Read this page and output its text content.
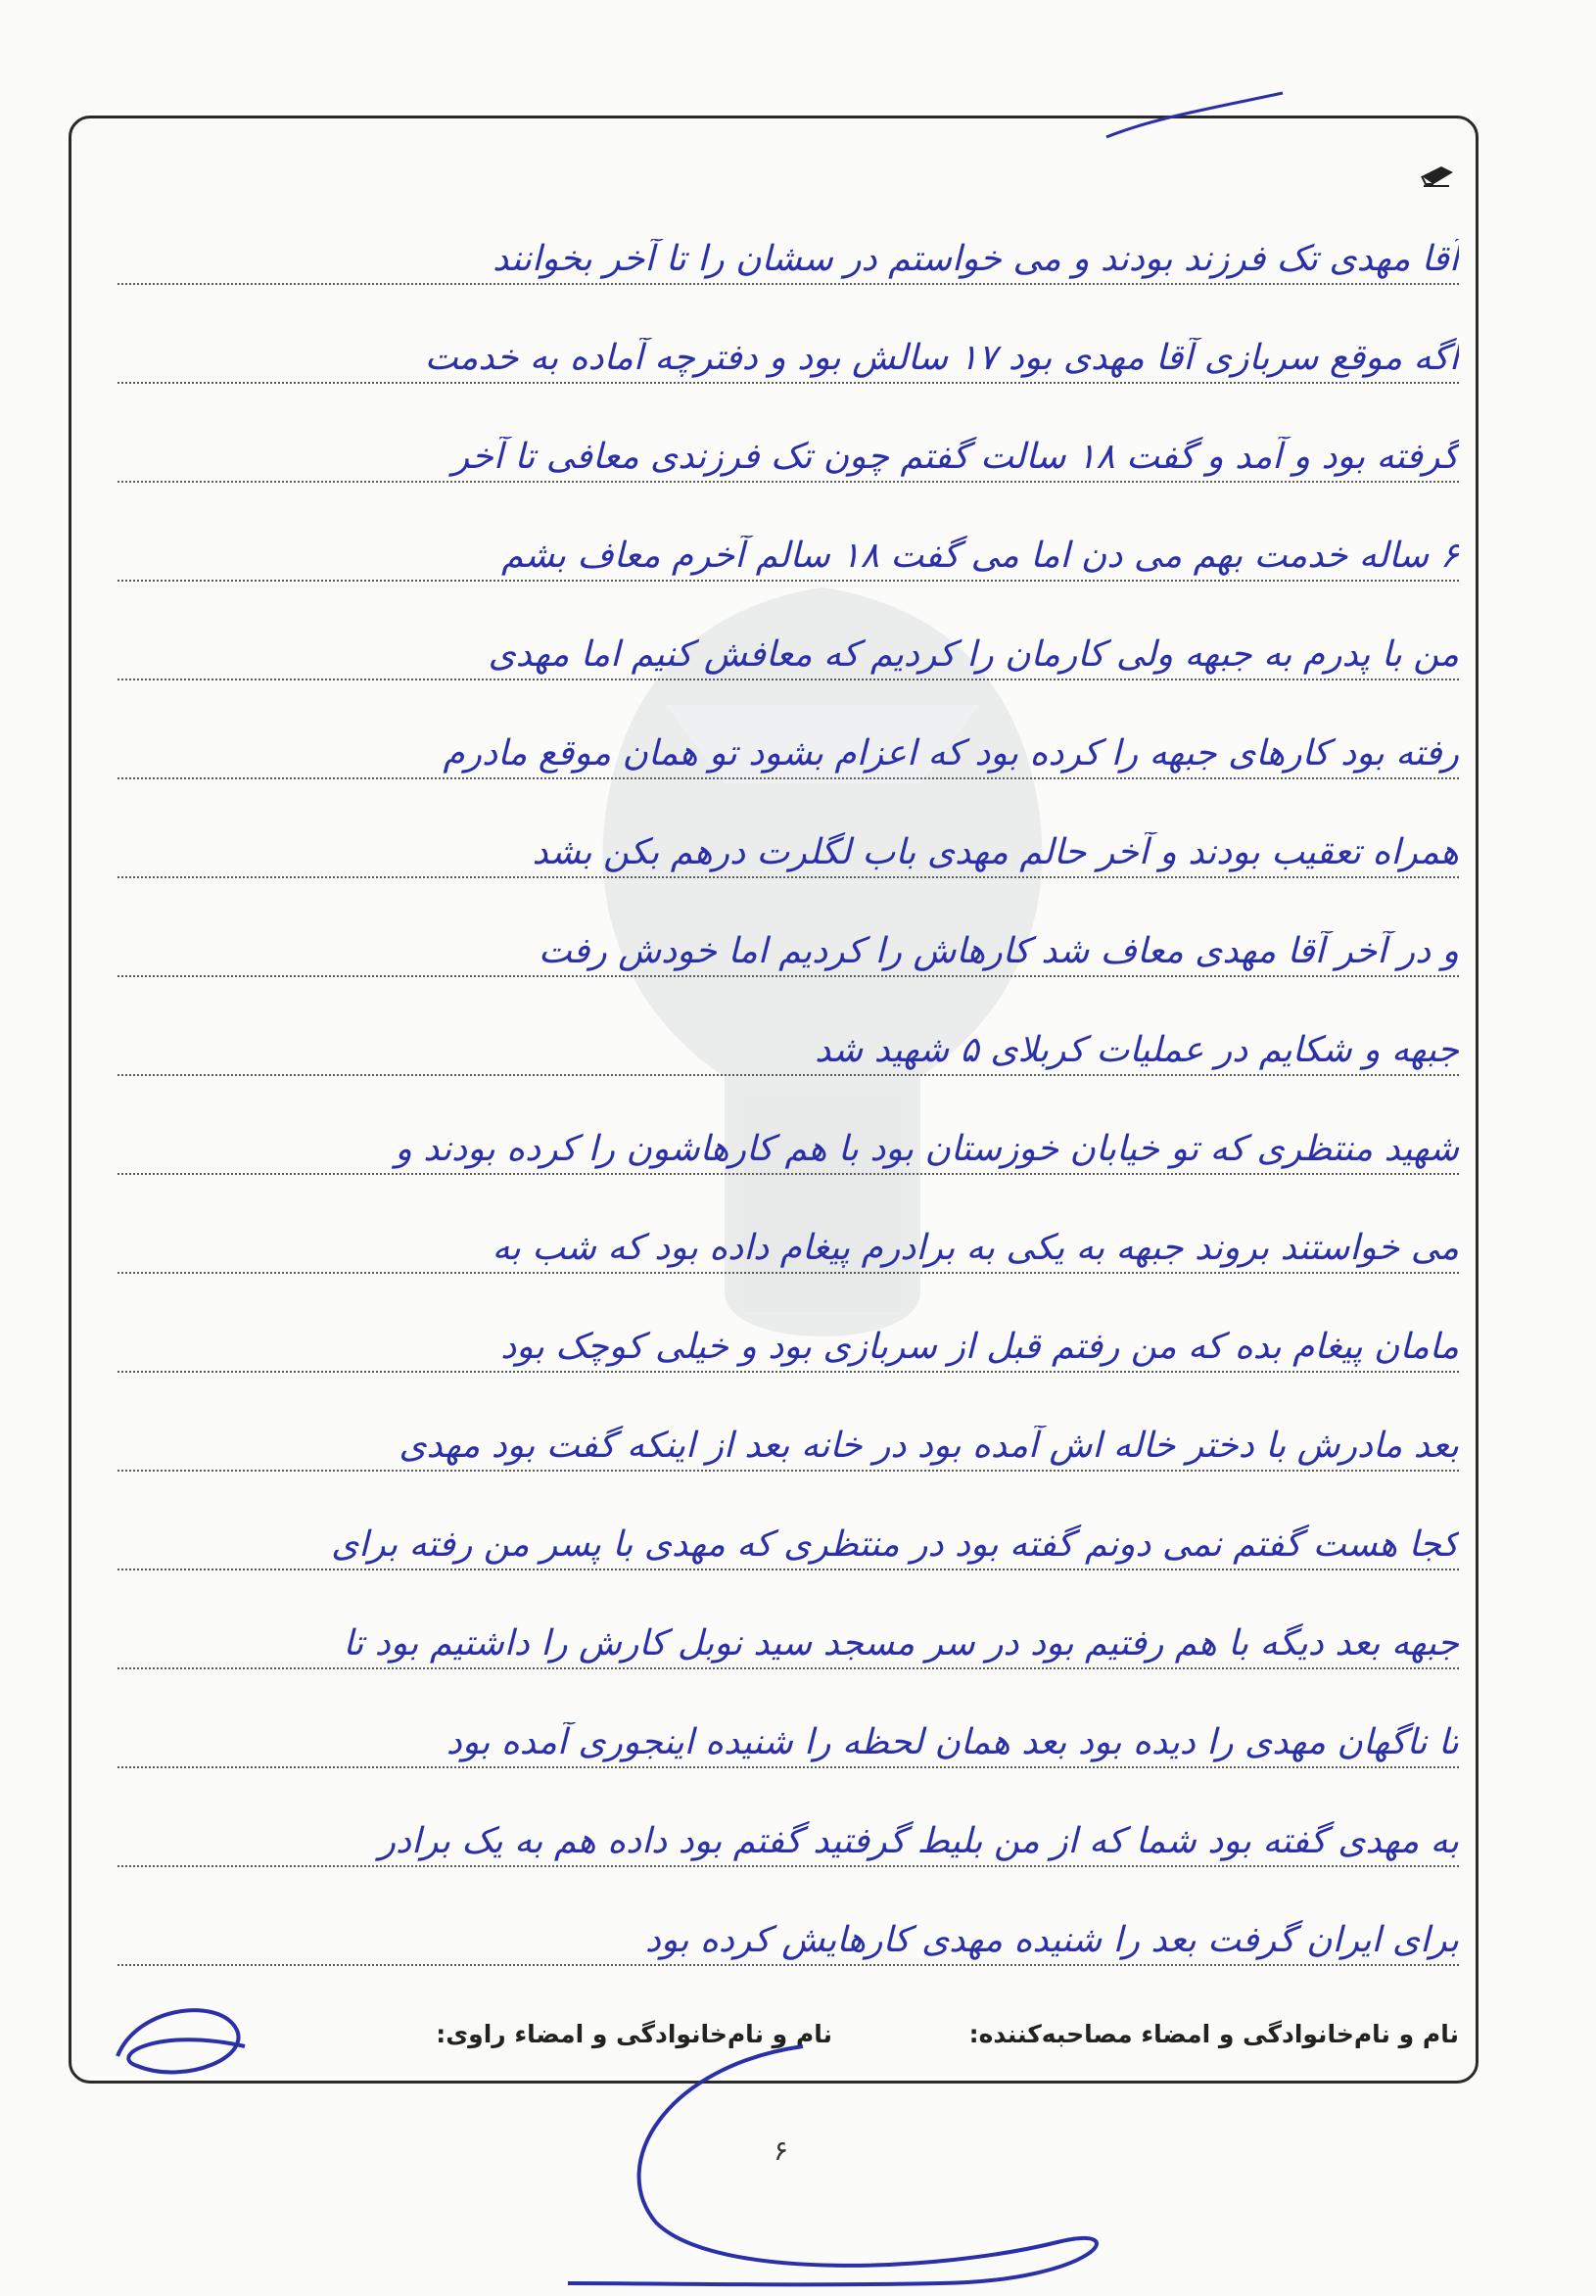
آقا مهدی تک فرزند بودند و می خواستم در سشان را تا آخر بخوانند
اگه موقع سربازی آقا مهدی بود ۱۷ سالش بود و دفترچه آماده به خدمت
گرفته بود و آمد و گفت ۱۸ سالت گفتم چون تک فرزندی معافی تا آخر
۶ ساله خدمت بهم می دن اما می گفت ۱۸ سالم آخرم معاف بشم
من با پدرم به جبهه ولی کارمان را کردیم که معافش کنیم اما مهدی
رفته بود کارهای جبهه را کرده بود که اعزام بشود تو همان موقع مادرم
همراه تعقیب بودند و آخر حالم مهدی باب لگلرت درهم بکن بشد
و در آخر آقا مهدی معاف شد کارهاش را کردیم اما خودش رفت
جبهه و شکایم در عملیات کربلای ۵ شهید شد
شهید منتظری که تو خیابان خوزستان بود با هم کارهاشون را کرده بودند و
می خواستند بروند جبهه به یکی به برادرم پیغام داده بود که شب به
مامان پیغام بده که من رفتم قبل از سربازی بود و خیلی کوچک بود
بعد مادرش با دختر خاله اش آمده بود در خانه بعد از اینکه گفت بود مهدی
کجا هست گفتم نمی دونم گفته بود در منتظری که مهدی با پسر من رفته برای
جبهه بعد دیگه با هم رفتیم بود در سر مسجد سید نوبل کارش را داشتیم بود تا
تا ناگهان مهدی را دیده بود بعد همان لحظه را شنیده اینجوری آمده بود
به مهدی گفته بود شما که از من بلیط گرفتید گفتم بود داده هم به یک برادر
برای ایران گرفت بعد را شنیده مهدی کارهایش کرده بود
نام و نام‌خانوادگی و امضاء مصاحبه‌کننده:
نام و نام‌خانوادگی و امضاء راوی:
۶
